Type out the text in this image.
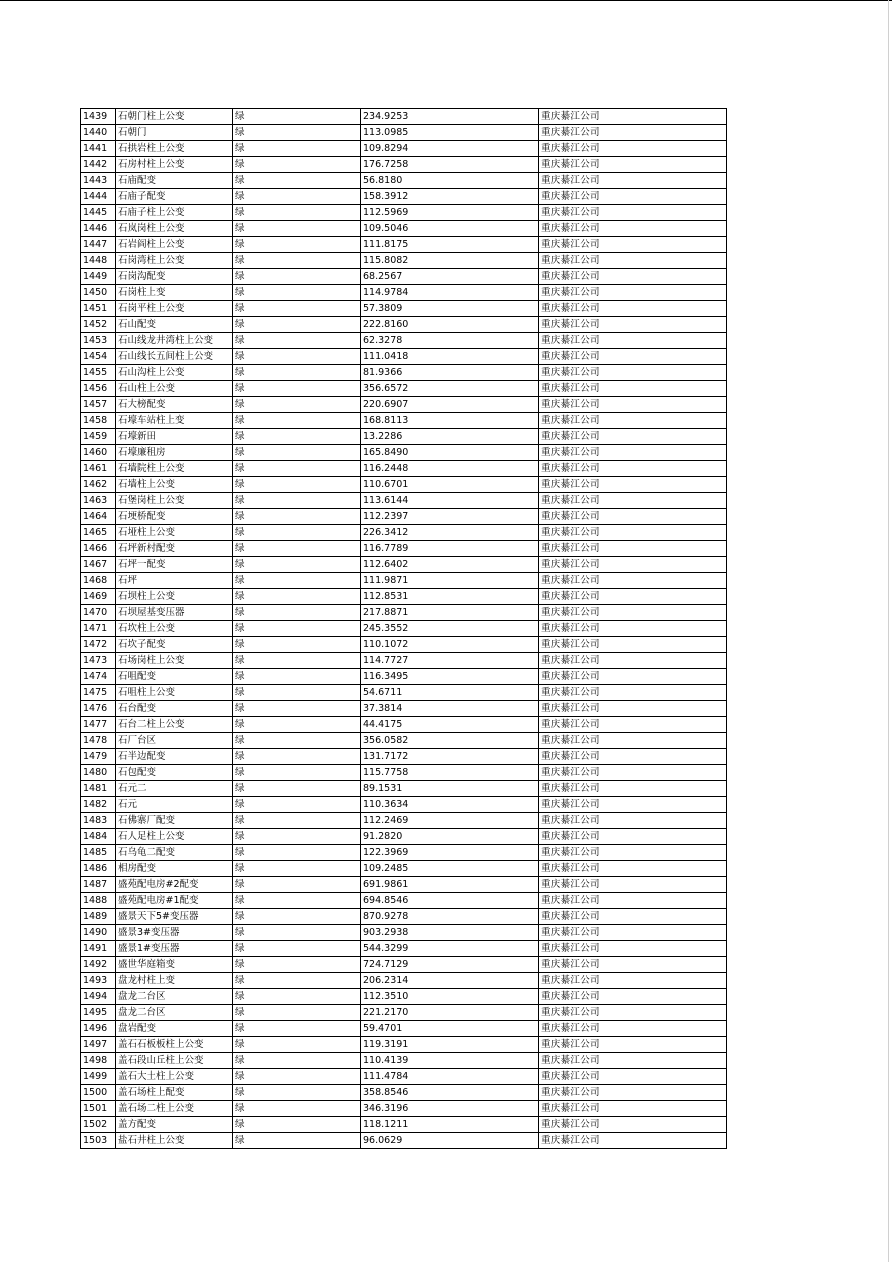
1439	石朝门柱上公变	绿	234.9253	重庆綦江公司
1440	石朝门	绿	113.0985	重庆綦江公司
1441	石拱岩柱上公变	绿	109.8294	重庆綦江公司
1442	石房村柱上公变	绿	176.7258	重庆綦江公司
1443	石庙配变	绿	56.8180	重庆綦江公司
1444	石庙子配变	绿	158.3912	重庆綦江公司
1445	石庙子柱上公变	绿	112.5969	重庆綦江公司
1446	石岚岗柱上公变	绿	109.5046	重庆綦江公司
1447	石岩阎柱上公变	绿	111.8175	重庆綦江公司
1448	石岗湾柱上公变	绿	115.8082	重庆綦江公司
1449	石岗沟配变	绿	68.2567	重庆綦江公司
1450	石岗柱上变	绿	114.9784	重庆綦江公司
1451	石岗平柱上公变	绿	57.3809	重庆綦江公司
1452	石山配变	绿	222.8160	重庆綦江公司
1453	石山线龙井湾柱上公变	绿	62.3278	重庆綦江公司
1454	石山线长五间柱上公变	绿	111.0418	重庆綦江公司
1455	石山沟柱上公变	绿	81.9366	重庆綦江公司
1456	石山柱上公变	绿	356.6572	重庆綦江公司
1457	石大榜配变	绿	220.6907	重庆綦江公司
1458	石壕车站柱上变	绿	168.8113	重庆綦江公司
1459	石壕新田	绿	13.2286	重庆綦江公司
1460	石壕廉租房	绿	165.8490	重庆綦江公司
1461	石墙院柱上公变	绿	116.2448	重庆綦江公司
1462	石墙柱上公变	绿	110.6701	重庆綦江公司
1463	石堡岗柱上公变	绿	113.6144	重庆綦江公司
1464	石埂桥配变	绿	112.2397	重庆綦江公司
1465	石垭柱上公变	绿	226.3412	重庆綦江公司
1466	石坪新村配变	绿	116.7789	重庆綦江公司
1467	石坪一配变	绿	112.6402	重庆綦江公司
1468	石坪	绿	111.9871	重庆綦江公司
1469	石坝柱上公变	绿	112.8531	重庆綦江公司
1470	石坝屋基变压器	绿	217.8871	重庆綦江公司
1471	石坎柱上公变	绿	245.3552	重庆綦江公司
1472	石坎子配变	绿	110.1072	重庆綦江公司
1473	石场岗柱上公变	绿	114.7727	重庆綦江公司
1474	石咀配变	绿	116.3495	重庆綦江公司
1475	石咀柱上公变	绿	54.6711	重庆綦江公司
1476	石台配变	绿	37.3814	重庆綦江公司
1477	石台二柱上公变	绿	44.4175	重庆綦江公司
1478	石厂台区	绿	356.0582	重庆綦江公司
1479	石半边配变	绿	131.7172	重庆綦江公司
1480	石包配变	绿	115.7758	重庆綦江公司
1481	石元二	绿	89.1531	重庆綦江公司
1482	石元	绿	110.3634	重庆綦江公司
1483	石佛寨厂配变	绿	112.2469	重庆綦江公司
1484	石人足柱上公变	绿	91.2820	重庆綦江公司
1485	石乌龟二配变	绿	122.3969	重庆綦江公司
1486	相房配变	绿	109.2485	重庆綦江公司
1487	盛苑配电房#2配变	绿	691.9861	重庆綦江公司
1488	盛苑配电房#1配变	绿	694.8546	重庆綦江公司
1489	盛景天下5#变压器	绿	870.9278	重庆綦江公司
1490	盛景3#变压器	绿	903.2938	重庆綦江公司
1491	盛景1#变压器	绿	544.3299	重庆綦江公司
1492	盛世华庭箱变	绿	724.7129	重庆綦江公司
1493	盘龙村柱上变	绿	206.2314	重庆綦江公司
1494	盘龙二台区	绿	112.3510	重庆綦江公司
1495	盘龙二台区	绿	221.2170	重庆綦江公司
1496	盘岩配变	绿	59.4701	重庆綦江公司
1497	盖石石板板柱上公变	绿	119.3191	重庆綦江公司
1498	盖石段山丘柱上公变	绿	110.4139	重庆綦江公司
1499	盖石大土柱上公变	绿	111.4784	重庆綦江公司
1500	盖石场柱上配变	绿	358.8546	重庆綦江公司
1501	盖石场二柱上公变	绿	346.3196	重庆綦江公司
1502	盖方配变	绿	118.1211	重庆綦江公司
1503	盐石井柱上公变	绿	96.0629	重庆綦江公司
